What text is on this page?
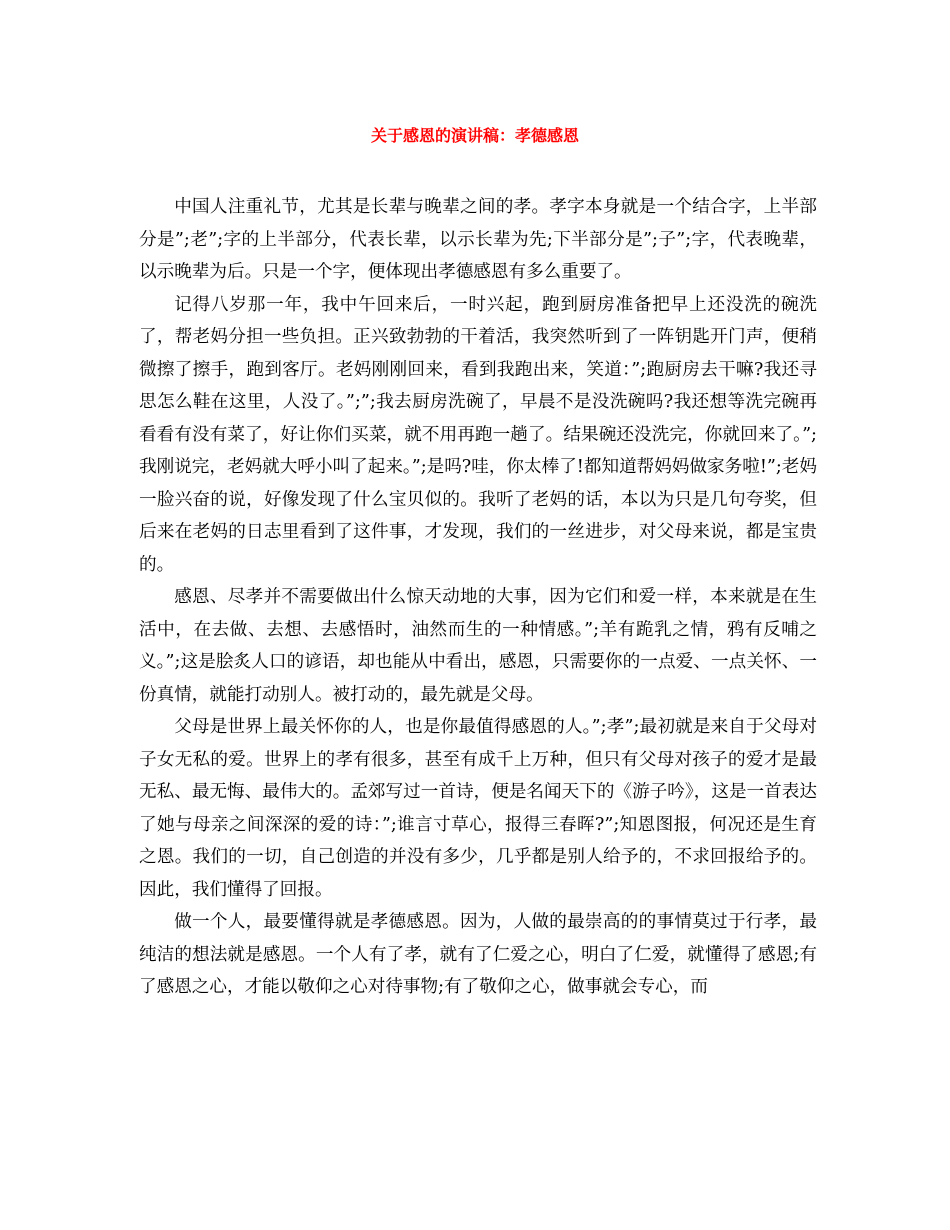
关于感恩的演讲稿：孝德感恩

中国人注重礼节，尤其是长辈与晚辈之间的孝。孝字本身就是一个结合字，上半部分是”;老”;字的上半部分，代表长辈，以示长辈为先;下半部分是”;子”;字，代表晚辈，以示晚辈为后。只是一个字，便体现出孝德感恩有多么重要了。

记得八岁那一年，我中午回来后，一时兴起，跑到厨房准备把早上还没洗的碗洗了，帮老妈分担一些负担。正兴致勃勃的干着活，我突然听到了一阵钥匙开门声，便稍微擦了擦手，跑到客厅。老妈刚刚回来，看到我跑出来，笑道：”;跑厨房去干嘛?我还寻思怎么鞋在这里，人没了。”;”;我去厨房洗碗了，早晨不是没洗碗吗?我还想等洗完碗再看看有没有菜了，好让你们买菜，就不用再跑一趟了。结果碗还没洗完，你就回来了。”;我刚说完，老妈就大呼小叫了起来。”;是吗?哇，你太棒了!都知道帮妈妈做家务啦!”;老妈一脸兴奋的说，好像发现了什么宝贝似的。我听了老妈的话，本以为只是几句夸奖，但后来在老妈的日志里看到了这件事，才发现，我们的一丝进步，对父母来说，都是宝贵的。

感恩、尽孝并不需要做出什么惊天动地的大事，因为它们和爱一样，本来就是在生活中，在去做、去想、去感悟时，油然而生的一种情感。”;羊有跪乳之情，鸦有反哺之义。”;这是脍炙人口的谚语，却也能从中看出，感恩，只需要你的一点爱、一点关怀、一份真情，就能打动别人。被打动的，最先就是父母。

父母是世界上最关怀你的人，也是你最值得感恩的人。”;孝”;最初就是来自于父母对子女无私的爱。世界上的孝有很多，甚至有成千上万种，但只有父母对孩子的爱才是最无私、最无悔、最伟大的。孟郊写过一首诗，便是名闻天下的《游子吟》，这是一首表达了她与母亲之间深深的爱的诗：”;谁言寸草心，报得三春晖?”;知恩图报，何况还是生育之恩。我们的一切，自己创造的并没有多少，几乎都是别人给予的，不求回报给予的。因此，我们懂得了回报。

做一个人，最要懂得就是孝德感恩。因为，人做的最崇高的的事情莫过于行孝，最纯洁的想法就是感恩。一个人有了孝，就有了仁爱之心，明白了仁爱，就懂得了感恩;有了感恩之心，才能以敬仰之心对待事物;有了敬仰之心，做事就会专心，而
